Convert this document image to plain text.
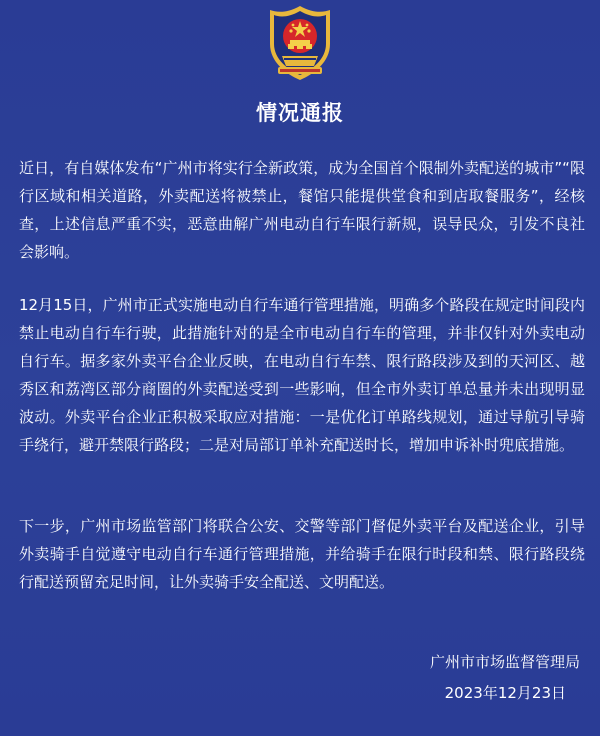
情况通报
近日，有自媒体发布“广州市将实行全新政策，成为全国首个限制外卖配送的城市”“限行区域和相关道路，外卖配送将被禁止，餐馆只能提供堂食和到店取餐服务”，经核查，上述信息严重不实，恶意曲解广州电动自行车限行新规，误导民众，引发不良社会影响。
12月15日，广州市正式实施电动自行车通行管理措施，明确多个路段在规定时间段内禁止电动自行车行驶，此措施针对的是全市电动自行车的管理，并非仅针对外卖电动自行车。据多家外卖平台企业反映，在电动自行车禁、限行路段涉及到的天河区、越秀区和荔湾区部分商圈的外卖配送受到一些影响，但全市外卖订单总量并未出现明显波动。外卖平台企业正积极采取应对措施：一是优化订单路线规划，通过导航引导骑手绕行，避开禁限行路段；二是对局部订单补充配送时长，增加申诉补时兜底措施。
下一步，广州市场监管部门将联合公安、交警等部门督促外卖平台及配送企业，引导外卖骑手自觉遵守电动自行车通行管理措施，并给骑手在限行时段和禁、限行路段绕行配送预留充足时间，让外卖骑手安全配送、文明配送。
广州市市场监督管理局
2023年12月23日
